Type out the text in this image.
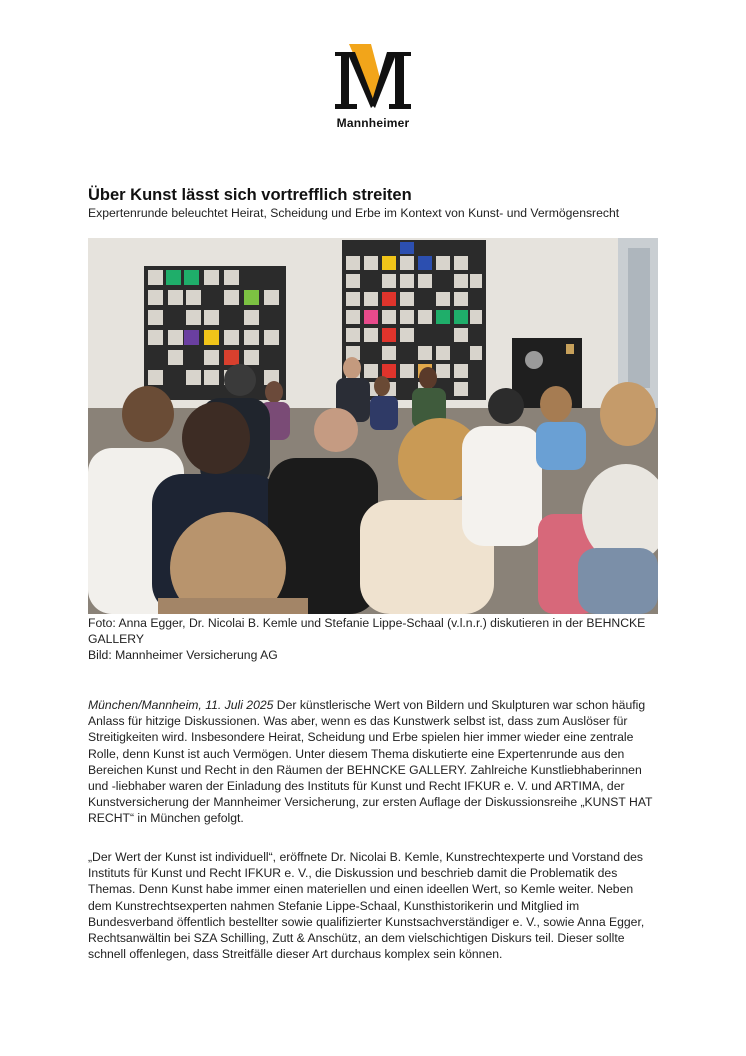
Mannheimer
Über Kunst lässt sich vortrefflich streiten
Expertenrunde beleuchtet Heirat, Scheidung und Erbe im Kontext von Kunst- und Vermögensrecht
Foto: Anna Egger, Dr. Nicolai B. Kemle und Stefanie Lippe-Schaal (v.l.n.r.) diskutieren in der BEHNCKE GALLERY
Bild: Mannheimer Versicherung AG

München/Mannheim, 11. Juli 2025 Der künstlerische Wert von Bildern und Skulpturen war schon häufig Anlass für hitzige Diskussionen. Was aber, wenn es das Kunstwerk selbst ist, dass zum Auslöser für Streitigkeiten wird. Insbesondere Heirat, Scheidung und Erbe spielen hier immer wieder eine zentrale Rolle, denn Kunst ist auch Vermögen. Unter diesem Thema diskutierte eine Expertenrunde aus den Bereichen Kunst und Recht in den Räumen der BEHNCKE GALLERY. Zahlreiche Kunstliebhaberinnen und -liebhaber waren der Einladung des Instituts für Kunst und Recht IFKUR e. V. und ARTIMA, der Kunstversicherung der Mannheimer Versicherung, zur ersten Auflage der Diskussionsreihe „KUNST HAT RECHT“ in München gefolgt.

„Der Wert der Kunst ist individuell“, eröffnete Dr. Nicolai B. Kemle, Kunstrechtexperte und Vorstand des Instituts für Kunst und Recht IFKUR e. V., die Diskussion und beschrieb damit die Problematik des Themas. Denn Kunst habe immer einen materiellen und einen ideellen Wert, so Kemle weiter. Neben dem Kunstrechtsexperten nahmen Stefanie Lippe-Schaal, Kunsthistorikerin und Mitglied im Bundesverband öffentlich bestellter sowie qualifizierter Kunstsachverständiger e. V., sowie Anna Egger, Rechtsanwältin bei SZA Schilling, Zutt & Anschütz, an dem vielschichtigen Diskurs teil. Dieser sollte schnell offenlegen, dass Streitfälle dieser Art durchaus komplex sein können.
